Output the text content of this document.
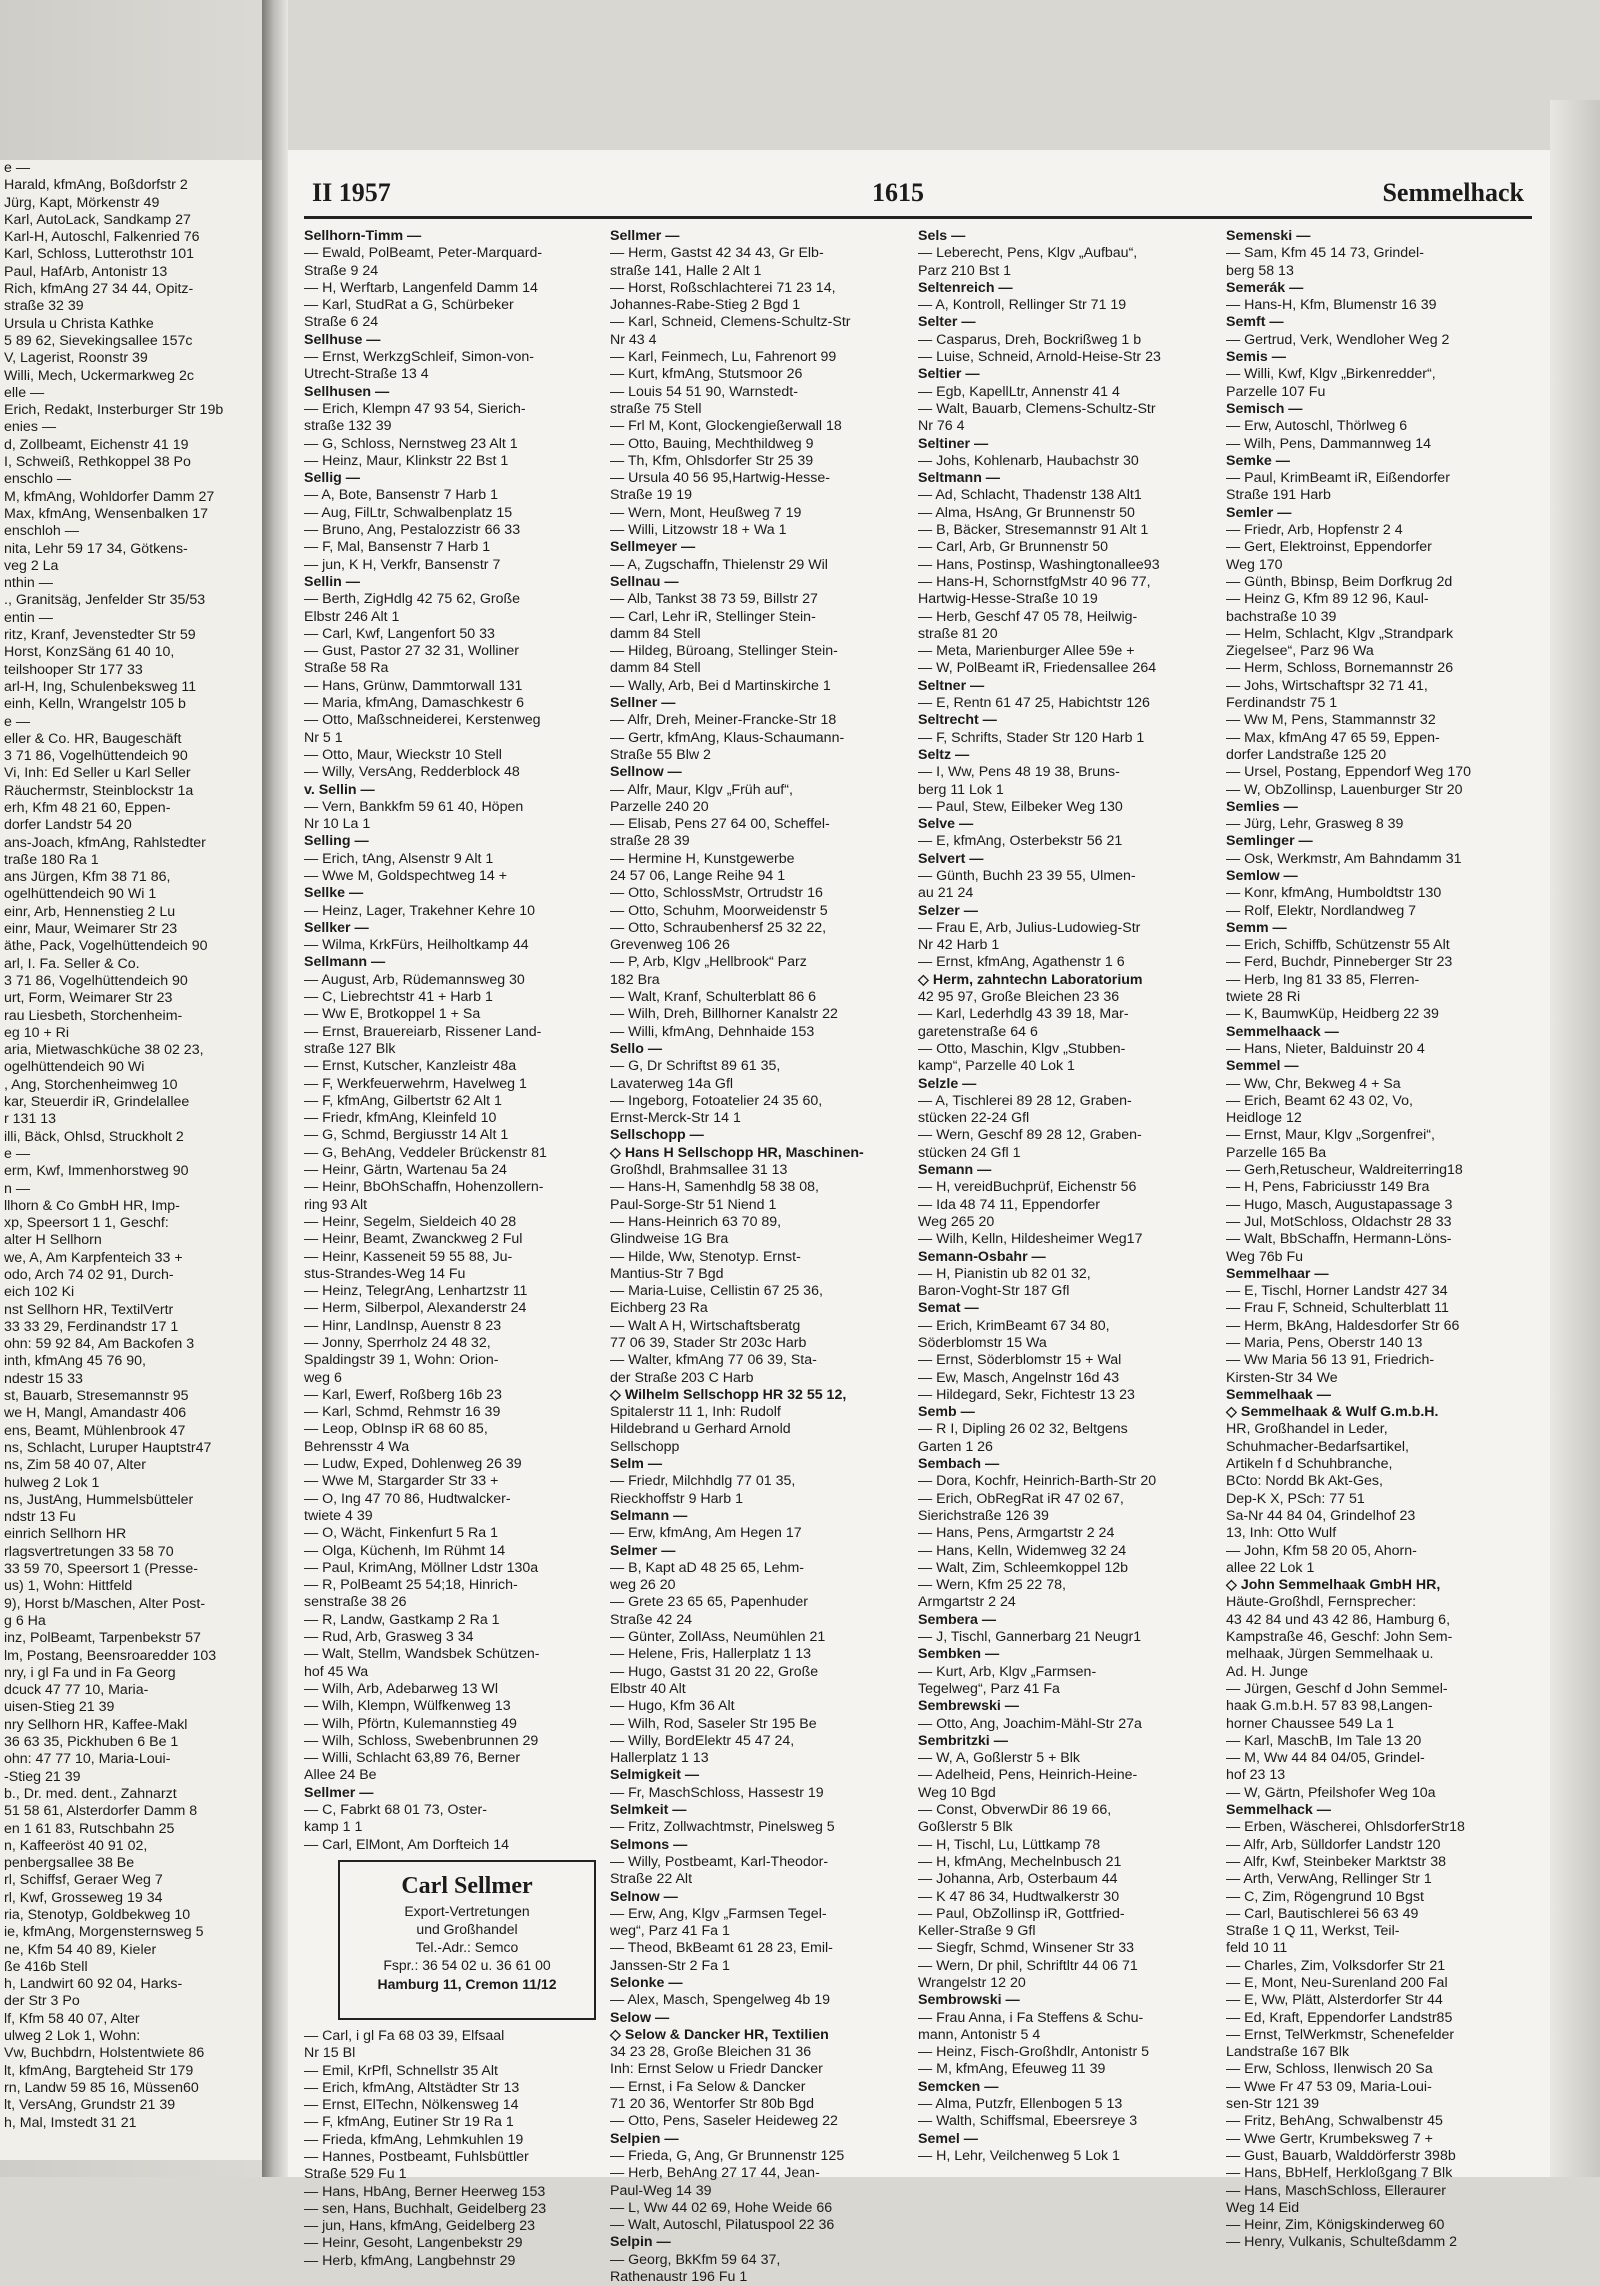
e —
Harald, kfmAng, Boßdorfstr 2
Jürg, Kapt, Mörkenstr 49
Karl, AutoLack, Sandkamp 27
Karl-H, Autoschl, Falkenried 76
Karl, Schloss, Lutterothstr 101
Paul, HafArb, Antonistr 13
Rich, kfmAng 27 34 44, Opitz-
straße 32 39
Ursula u Christa Kathke
5 89 62, Sievekingsallee 157c
V, Lagerist, Roonstr 39
Willi, Mech, Uckermarkweg 2c
elle —
Erich, Redakt, Insterburger Str 19b
enies —
d, Zollbeamt, Eichenstr 41 19
I, Schweiß, Rethkoppel 38 Po
enschlo —
M, kfmAng, Wohldorfer Damm 27
Max, kfmAng, Wensenbalken 17
enschloh —
nita, Lehr 59 17 34, Götkens-
veg 2 La
nthin —
., Granitsäg, Jenfelder Str 35/53
entin —
ritz, Kranf, Jevenstedter Str 59
Horst, KonzSäng 61 40 10,
teilshooper Str 177 33
arl-H, Ing, Schulenbeksweg 11
einh, Kelln, Wrangelstr 105 b
e —
eller & Co. HR, Baugeschäft
3 71 86, Vogelhüttendeich 90
Vi, Inh: Ed Seller u Karl Seller
Räuchermstr, Steinblockstr 1a
erh, Kfm 48 21 60, Eppen-
dorfer Landstr 54 20
ans-Joach, kfmAng, Rahlstedter
traße 180 Ra 1
ans Jürgen, Kfm 38 71 86,
ogelhüttendeich 90 Wi 1
einr, Arb, Hennenstieg 2 Lu
einr, Maur, Weimarer Str 23
äthe, Pack, Vogelhüttendeich 90
arl, I. Fa. Seller & Co.
3 71 86, Vogelhüttendeich 90
urt, Form, Weimarer Str 23
rau Liesbeth, Storchenheim-
eg 10 + Ri
aria, Mietwaschküche 38 02 23,
ogelhüttendeich 90 Wi
, Ang, Storchenheimweg 10
kar, Steuerdir iR, Grindelallee
r 131 13
illi, Bäck, Ohlsd, Struckholt 2
e —
erm, Kwf, Immenhorstweg 90
n —
llhorn & Co GmbH HR, Imp-
xp, Speersort 1 1, Geschf:
alter H Sellhorn
we, A, Am Karpfenteich 33 +
odo, Arch 74 02 91, Durch-
eich 102 Ki
nst Sellhorn HR, TextilVertr
33 33 29, Ferdinandstr 17 1
ohn: 59 92 84, Am Backofen 3
inth, kfmAng 45 76 90,
ndestr 15 33
st, Bauarb, Stresemannstr 95
we H, Mangl, Amandastr 406
ens, Beamt, Mühlenbrook 47
ns, Schlacht, Luruper Hauptstr47
ns, Zim 58 40 07, Alter
hulweg 2 Lok 1
ns, JustAng, Hummelsbütteler
ndstr 13 Fu
einrich Sellhorn HR
rlagsvertretungen 33 58 70
33 59 70, Speersort 1 (Presse-
us) 1, Wohn: Hittfeld
9), Horst b/Maschen, Alter Post-
g 6 Ha
inz, PolBeamt, Tarpenbekstr 57
lm, Postang, Beensroaredder 103
nry, i gl Fa und in Fa Georg
dcuck 47 77 10, Maria-
uisen-Stieg 21 39
nry Sellhorn HR, Kaffee-Makl
36 63 35, Pickhuben 6 Be 1
ohn: 47 77 10, Maria-Loui-
-Stieg 21 39
b., Dr. med. dent., Zahnarzt
51 58 61, Alsterdorfer Damm 8
en 1 61 83, Rutschbahn 25
n, Kaffeeröst 40 91 02,
penbergsallee 38 Be
rl, Schiffsf, Geraer Weg 7
rl, Kwf, Grosseweg 19 34
ria, Stenotyp, Goldbekweg 10
ie, kfmAng, Morgensternsweg 5
ne, Kfm 54 40 89, Kieler
ße 416b Stell
h, Landwirt 60 92 04, Harks-
der Str 3 Po
lf, Kfm 58 40 07, Alter
ulweg 2 Lok 1, Wohn:
Vw, Buchbdrn, Holstentwiete 86
lt, kfmAng, Bargteheid Str 179
rn, Landw 59 85 16, Müssen60
lt, VersAng, Grundstr 21 39
h, Mal, Imstedt 31 21
II 1957	1615	Semmelhack
Sellhorn-Timm —
— Ewald, PolBeamt, Peter-Marquard-
Straße 9 24
— H, Werftarb, Langenfeld Damm 14
— Karl, StudRat a G, Schürbeker
Straße 6 24
Sellhuse —
— Ernst, WerkzgSchleif, Simon-von-
Utrecht-Straße 13 4
Sellhusen —
— Erich, Klempn 47 93 54, Sierich-
straße 132 39
— G, Schloss, Nernstweg 23 Alt 1
— Heinz, Maur, Klinkstr 22 Bst 1
Sellig —
— A, Bote, Bansenstr 7 Harb 1
— Aug, FilLtr, Schwalbenplatz 15
— Bruno, Ang, Pestalozzistr 66 33
— F, Mal, Bansenstr 7 Harb 1
— jun, K H, Verkfr, Bansenstr 7
Sellin —
— Berth, ZigHdlg 42 75 62, Große
Elbstr 246 Alt 1
— Carl, Kwf, Langenfort 50 33
— Gust, Pastor 27 32 31, Wolliner
Straße 58 Ra
— Hans, Grünw, Dammtorwall 131
— Maria, kfmAng, Damaschkestr 6
— Otto, Maßschneiderei, Kerstenweg
Nr 5 1
— Otto, Maur, Wieckstr 10 Stell
— Willy, VersAng, Redderblock 48
v. Sellin —
— Vern, Bankkfm 59 61 40, Höpen
Nr 10 La 1
Selling —
— Erich, tAng, Alsenstr 9 Alt 1
— Wwe M, Goldspechtweg 14 +
Sellke —
— Heinz, Lager, Trakehner Kehre 10
Sellker —
— Wilma, KrkFürs, Heilholtkamp 44
Sellmann —
— August, Arb, Rüdemannsweg 30
— C, Liebrechtstr 41 + Harb 1
— Ww E, Brotkoppel 1 + Sa
— Ernst, Brauereiarb, Rissener Land-
straße 127 Blk
— Ernst, Kutscher, Kanzleistr 48a
— F, Werkfeuerwehrm, Havelweg 1
— F, kfmAng, Gilbertstr 62 Alt 1
— Friedr, kfmAng, Kleinfeld 10
— G, Schmd, Bergiusstr 14 Alt 1
— G, BehAng, Veddeler Brückenstr 81
— Heinr, Gärtn, Wartenau 5a 24
— Heinr, BbOhSchaffn, Hohenzollern-
ring 93 Alt
— Heinr, Segelm, Sieldeich 40 28
— Heinr, Beamt, Zwanckweg 2 Ful
— Heinr, Kasseneit 59 55 88, Ju-
stus-Strandes-Weg 14 Fu
— Heinz, TelegrAng, Lenhartzstr 11
— Herm, Silberpol, Alexanderstr 24
— Hinr, LandInsp, Auenstr 8 23
— Jonny, Sperrholz 24 48 32,
Spaldingstr 39 1, Wohn: Orion-
weg 6
— Karl, Ewerf, Roßberg 16b 23
— Karl, Schmd, Rehmstr 16 39
— Leop, ObInsp iR 68 60 85,
Behrensstr 4 Wa
— Ludw, Exped, Dohlenweg 26 39
— Wwe M, Stargarder Str 33 +
— O, Ing 47 70 86, Hudtwalcker-
twiete 4 39
— O, Wächt, Finkenfurt 5 Ra 1
— Olga, Küchenh, Im Rühmt 14
— Paul, KrimAng, Möllner Ldstr 130a
— R, PolBeamt 25 54;18, Hinrich-
senstraße 38 26
— R, Landw, Gastkamp 2 Ra 1
— Rud, Arb, Grasweg 3 34
— Walt, Stellm, Wandsbek Schützen-
hof 45 Wa
— Wilh, Arb, Adebarweg 13 Wl
— Wilh, Klempn, Wülfkenweg 13
— Wilh, Pförtn, Kulemannstieg 49
— Wilh, Schloss, Swebenbrunnen 29
— Willi, Schlacht 63,89 76, Berner
Allee 24 Be
Sellmer —
— C, Fabrkt 68 01 73, Oster-
kamp 1 1
— Carl, ElMont, Am Dorfteich 14
Carl Sellmer
Export-Vertretungen
und Großhandel
Tel.-Adr.: Semco
Fspr.: 36 54 02 u. 36 61 00
Hamburg 11, Cremon 11/12
— Carl, i gl Fa 68 03 39, Elfsaal
Nr 15 Bl
— Emil, KrPfl, Schnellstr 35 Alt
— Erich, kfmAng, Altstädter Str 13
— Ernst, ElTechn, Nölkensweg 14
— F, kfmAng, Eutiner Str 19 Ra 1
— Frieda, kfmAng, Lehmkuhlen 19
— Hannes, Postbeamt, Fuhlsbüttler
Straße 529 Fu 1
— Hans, HbAng, Berner Heerweg 153
— sen, Hans, Buchhalt, Geidelberg 23
— jun, Hans, kfmAng, Geidelberg 23
— Heinr, Gesoht, Langenbekstr 29
— Herb, kfmAng, Langbehnstr 29
Sellmer —
— Herm, Gastst 42 34 43, Gr Elb-
straße 141, Halle 2 Alt 1
— Horst, Roßschlachterei 71 23 14,
Johannes-Rabe-Stieg 2 Bgd 1
— Karl, Schneid, Clemens-Schultz-Str
Nr 43 4
— Karl, Feinmech, Lu, Fahrenort 99
— Kurt, kfmAng, Stutsmoor 26
— Louis 54 51 90, Warnstedt-
straße 75 Stell
— Frl M, Kont, Glockengießerwall 18
— Otto, Bauing, Mechthildweg 9
— Th, Kfm, Ohlsdorfer Str 25 39
— Ursula 40 56 95,Hartwig-Hesse-
Straße 19 19
— Wern, Mont, Heußweg 7 19
— Willi, Litzowstr 18 + Wa 1
Sellmeyer —
— A, Zugschaffn, Thielenstr 29 Wil
Sellnau —
— Alb, Tankst 38 73 59, Billstr 27
— Carl, Lehr iR, Stellinger Stein-
damm 84 Stell
— Hildeg, Büroang, Stellinger Stein-
damm 84 Stell
— Wally, Arb, Bei d Martinskirche 1
Sellner —
— Alfr, Dreh, Meiner-Francke-Str 18
— Gertr, kfmAng, Klaus-Schaumann-
Straße 55 Blw 2
Sellnow —
— Alfr, Maur, Klgv „Früh auf“,
Parzelle 240 20
— Elisab, Pens 27 64 00, Scheffel-
straße 28 39
— Hermine H, Kunstgewerbe
24 57 06, Lange Reihe 94 1
— Otto, SchlossMstr, Ortrudstr 16
— Otto, Schuhm, Moorweidenstr 5
— Otto, Schraubenhersf 25 32 22,
Grevenweg 106 26
— P, Arb, Klgv „Hellbrook“ Parz
182 Bra
— Walt, Kranf, Schulterblatt 86 6
— Wilh, Dreh, Billhorner Kanalstr 22
— Willi, kfmAng, Dehnhaide 153
Sello —
— G, Dr Schriftst 89 61 35,
Lavaterweg 14a Gfl
— Ingeborg, Fotoatelier 24 35 60,
Ernst-Merck-Str 14 1
Sellschopp —
◇ Hans H Sellschopp HR, Maschinen-
Großhdl, Brahmsallee 31 13
— Hans-H, Samenhdlg 58 38 08,
Paul-Sorge-Str 51 Niend 1
— Hans-Heinrich 63 70 89,
Glindweise 1G Bra
— Hilde, Ww, Stenotyp. Ernst-
Mantius-Str 7 Bgd
— Maria-Luise, Cellistin 67 25 36,
Eichberg 23 Ra
— Walt A H, Wirtschaftsberatg
77 06 39, Stader Str 203c Harb
— Walter, kfmAng 77 06 39, Sta-
der Straße 203 C Harb
◇ Wilhelm Sellschopp HR 32 55 12,
Spitalerstr 11 1, Inh: Rudolf
Hildebrand u Gerhard Arnold
Sellschopp
Selm —
— Friedr, Milchhdlg 77 01 35,
Rieckhoffstr 9 Harb 1
Selmann —
— Erw, kfmAng, Am Hegen 17
Selmer —
— B, Kapt aD 48 25 65, Lehm-
weg 26 20
— Grete 23 65 65, Papenhuder
Straße 42 24
— Günter, ZollAss, Neumühlen 21
— Helene, Fris, Hallerplatz 1 13
— Hugo, Gastst 31 20 22, Große
Elbstr 40 Alt
— Hugo, Kfm 36 Alt
— Wilh, Rod, Saseler Str 195 Be
— Willy, BordElektr 45 47 24,
Hallerplatz 1 13
Selmigkeit —
— Fr, MaschSchloss, Hassestr 19
Selmkeit —
— Fritz, Zollwachtmstr, Pinelsweg 5
Selmons —
— Willy, Postbeamt, Karl-Theodor-
Straße 22 Alt
Selnow —
— Erw, Ang, Klgv „Farmsen Tegel-
weg“, Parz 41 Fa 1
— Theod, BkBeamt 61 28 23, Emil-
Janssen-Str 2 Fa 1
Selonke —
— Alex, Masch, Spengelweg 4b 19
Selow —
◇ Selow & Dancker HR, Textilien
34 23 28, Große Bleichen 31 36
Inh: Ernst Selow u Friedr Dancker
— Ernst, i Fa Selow & Dancker
71 20 36, Wentorfer Str 80b Bgd
— Otto, Pens, Saseler Heideweg 22
Selpien —
— Frieda, G, Ang, Gr Brunnenstr 125
— Herb, BehAng 27 17 44, Jean-
Paul-Weg 14 39
— L, Ww 44 02 69, Hohe Weide 66
— Walt, Autoschl, Pilatuspool 22 36
Selpin —
— Georg, BkKfm 59 64 37,
Rathenaustr 196 Fu 1
Sels —
— Leberecht, Pens, Klgv „Aufbau“,
Parz 210 Bst 1
Seltenreich —
— A, Kontroll, Rellinger Str 71 19
Selter —
— Casparus, Dreh, Bockrißweg 1 b
— Luise, Schneid, Arnold-Heise-Str 23
Seltier —
— Egb, KapellLtr, Annenstr 41 4
— Walt, Bauarb, Clemens-Schultz-Str
Nr 76 4
Seltiner —
— Johs, Kohlenarb, Haubachstr 30
Seltmann —
— Ad, Schlacht, Thadenstr 138 Alt1
— Alma, HsAng, Gr Brunnenstr 50
— B, Bäcker, Stresemannstr 91 Alt 1
— Carl, Arb, Gr Brunnenstr 50
— Hans, Postinsp, Washingtonallee93
— Hans-H, SchornstfgMstr 40 96 77,
Hartwig-Hesse-Straße 10 19
— Herb, Geschf 47 05 78, Heilwig-
straße 81 20
— Meta, Marienburger Allee 59e +
— W, PolBeamt iR, Friedensallee 264
Seltner —
— E, Rentn 61 47 25, Habichtstr 126
Seltrecht —
— F, Schrifts, Stader Str 120 Harb 1
Seltz —
— I, Ww, Pens 48 19 38, Bruns-
berg 11 Lok 1
— Paul, Stew, Eilbeker Weg 130
Selve —
— E, kfmAng, Osterbekstr 56 21
Selvert —
— Günth, Buchh 23 39 55, Ulmen-
au 21 24
Selzer —
— Frau E, Arb, Julius-Ludowieg-Str
Nr 42 Harb 1
— Ernst, kfmAng, Agathenstr 1 6
◇ Herm, zahntechn Laboratorium
42 95 97, Große Bleichen 23 36
— Karl, Lederhdlg 43 39 18, Mar-
garetenstraße 64 6
— Otto, Maschin, Klgv „Stubben-
kamp“, Parzelle 40 Lok 1
Selzle —
— A, Tischlerei 89 28 12, Graben-
stücken 22-24 Gfl
— Wern, Geschf 89 28 12, Graben-
stücken 24 Gfl 1
Semann —
— H, vereidBuchprüf, Eichenstr 56
— Ida 48 74 11, Eppendorfer
Weg 265 20
— Wilh, Kelln, Hildesheimer Weg17
Semann-Osbahr —
— H, Pianistin ub 82 01 32,
Baron-Voght-Str 187 Gfl
Semat —
— Erich, KrimBeamt 67 34 80,
Söderblomstr 15 Wa
— Ernst, Söderblomstr 15 + Wal
— Ew, Masch, Angelnstr 16d 43
— Hildegard, Sekr, Fichtestr 13 23
Semb —
— R I, Dipling 26 02 32, Beltgens
Garten 1 26
Sembach —
— Dora, Kochfr, Heinrich-Barth-Str 20
— Erich, ObRegRat iR 47 02 67,
Sierichstraße 126 39
— Hans, Pens, Armgartstr 2 24
— Hans, Kelln, Widemweg 32 24
— Walt, Zim, Schleemkoppel 12b
— Wern, Kfm 25 22 78,
Armgartstr 2 24
Sembera —
— J, Tischl, Gannerbarg 21 Neugr1
Sembken —
— Kurt, Arb, Klgv „Farmsen-
Tegelweg“, Parz 41 Fa
Sembrewski —
— Otto, Ang, Joachim-Mähl-Str 27a
Sembritzki —
— W, A, Goßlerstr 5 + Blk
— Adelheid, Pens, Heinrich-Heine-
Weg 10 Bgd
— Const, ObverwDir 86 19 66,
Goßlerstr 5 Blk
— H, Tischl, Lu, Lüttkamp 78
— H, kfmAng, Mechelnbusch 21
— Johanna, Arb, Osterbaum 44
— K 47 86 34, Hudtwalkerstr 30
— Paul, ObZollinsp iR, Gottfried-
Keller-Straße 9 Gfl
— Siegfr, Schmd, Winsener Str 33
— Wern, Dr phil, Schriftltr 44 06 71
Wrangelstr 12 20
Sembrowski —
— Frau Anna, i Fa Steffens & Schu-
mann, Antonistr 5 4
— Heinz, Fisch-Großhdlr, Antonistr 5
— M, kfmAng, Efeuweg 11 39
Semcken —
— Alma, Putzfr, Ellenbogen 5 13
— Walth, Schiffsmal, Ebeersreye 3
Semel —
— H, Lehr, Veilchenweg 5 Lok 1
Semenski —
— Sam, Kfm 45 14 73, Grindel-
berg 58 13
Semerák —
— Hans-H, Kfm, Blumenstr 16 39
Semft —
— Gertrud, Verk, Wendloher Weg 2
Semis —
— Willi, Kwf, Klgv „Birkenredder“,
Parzelle 107 Fu
Semisch —
— Erw, Autoschl, Thörlweg 6
— Wilh, Pens, Dammannweg 14
Semke —
— Paul, KrimBeamt iR, Eißendorfer
Straße 191 Harb
Semler —
— Friedr, Arb, Hopfenstr 2 4
— Gert, Elektroinst, Eppendorfer
Weg 170
— Günth, Bbinsp, Beim Dorfkrug 2d
— Heinz G, Kfm 89 12 96, Kaul-
bachstraße 10 39
— Helm, Schlacht, Klgv „Strandpark
Ziegelsee“, Parz 96 Wa
— Herm, Schloss, Bornemannstr 26
— Johs, Wirtschaftspr 32 71 41,
Ferdinandstr 75 1
— Ww M, Pens, Stammannstr 32
— Max, kfmAng 47 65 59, Eppen-
dorfer Landstraße 125 20
— Ursel, Postang, Eppendorf Weg 170
— W, ObZollinsp, Lauenburger Str 20
Semlies —
— Jürg, Lehr, Grasweg 8 39
Semlinger —
— Osk, Werkmstr, Am Bahndamm 31
Semlow —
— Konr, kfmAng, Humboldtstr 130
— Rolf, Elektr, Nordlandweg 7
Semm —
— Erich, Schiffb, Schützenstr 55 Alt
— Ferd, Buchdr, Pinneberger Str 23
— Herb, Ing 81 33 85, Flerren-
twiete 28 Ri
— K, BaumwKüp, Heidberg 22 39
Semmelhaack —
— Hans, Nieter, Balduinstr 20 4
Semmel —
— Ww, Chr, Bekweg 4 + Sa
— Erich, Beamt 62 43 02, Vo,
Heidloge 12
— Ernst, Maur, Klgv „Sorgenfrei“,
Parzelle 165 Ba
— Gerh,Retuscheur, Waldreiterring18
— H, Pens, Fabriciusstr 149 Bra
— Hugo, Masch, Augustapassage 3
— Jul, MotSchloss, Oldachstr 28 33
— Walt, BbSchaffn, Hermann-Löns-
Weg 76b Fu
Semmelhaar —
— E, Tischl, Horner Landstr 427 34
— Frau F, Schneid, Schulterblatt 11
— Herm, BkAng, Haldesdorfer Str 66
— Maria, Pens, Oberstr 140 13
— Ww Maria 56 13 91, Friedrich-
Kirsten-Str 34 We
Semmelhaak —
◇ Semmelhaak & Wulf G.m.b.H.
HR, Großhandel in Leder,
Schuhmacher-Bedarfsartikel,
Artikeln f d Schuhbranche,
BCto: Nordd Bk Akt-Ges,
Dep-K X, PSch: 77 51
Sa-Nr 44 84 04, Grindelhof 23
13, Inh: Otto Wulf
— John, Kfm 58 20 05, Ahorn-
allee 22 Lok 1
◇ John Semmelhaak GmbH HR,
Häute-Großhdl, Fernsprecher:
43 42 84 und 43 42 86, Hamburg 6,
Kampstraße 46, Geschf: John Sem-
melhaak, Jürgen Semmelhaak u.
Ad. H. Junge
— Jürgen, Geschf d John Semmel-
haak G.m.b.H. 57 83 98,Langen-
horner Chaussee 549 La 1
— Karl, MaschB, Im Tale 13 20
— M, Ww 44 84 04/05, Grindel-
hof 23 13
— W, Gärtn, Pfeilshofer Weg 10a
Semmelhack —
— Erben, Wäscherei, OhlsdorferStr18
— Alfr, Arb, Sülldorfer Landstr 120
— Alfr, Kwf, Steinbeker Marktstr 38
— Arth, VerwAng, Rellinger Str 1
— C, Zim, Rögengrund 10 Bgst
— Carl, Bautischlerei 56 63 49
Straße 1 Q 11, Werkst, Teil-
feld 10 11
— Charles, Zim, Volksdorfer Str 21
— E, Mont, Neu-Surenland 200 Fal
— E, Ww, Plätt, Alsterdorfer Str 44
— Ed, Kraft, Eppendorfer Landstr85
— Ernst, TelWerkmstr, Schenefelder
Landstraße 167 Blk
— Erw, Schloss, Ilenwisch 20 Sa
— Wwe Fr 47 53 09, Maria-Loui-
sen-Str 121 39
— Fritz, BehAng, Schwalbenstr 45
— Wwe Gertr, Krumbeksweg 7 +
— Gust, Bauarb, Walddörferstr 398b
— Hans, BbHelf, Herkloßgang 7 Blk
— Hans, MaschSchloss, Elleraurer
Weg 14 Eid
— Heinr, Zim, Königskinderweg 60
— Henry, Vulkanis, Schulteßdamm 2
